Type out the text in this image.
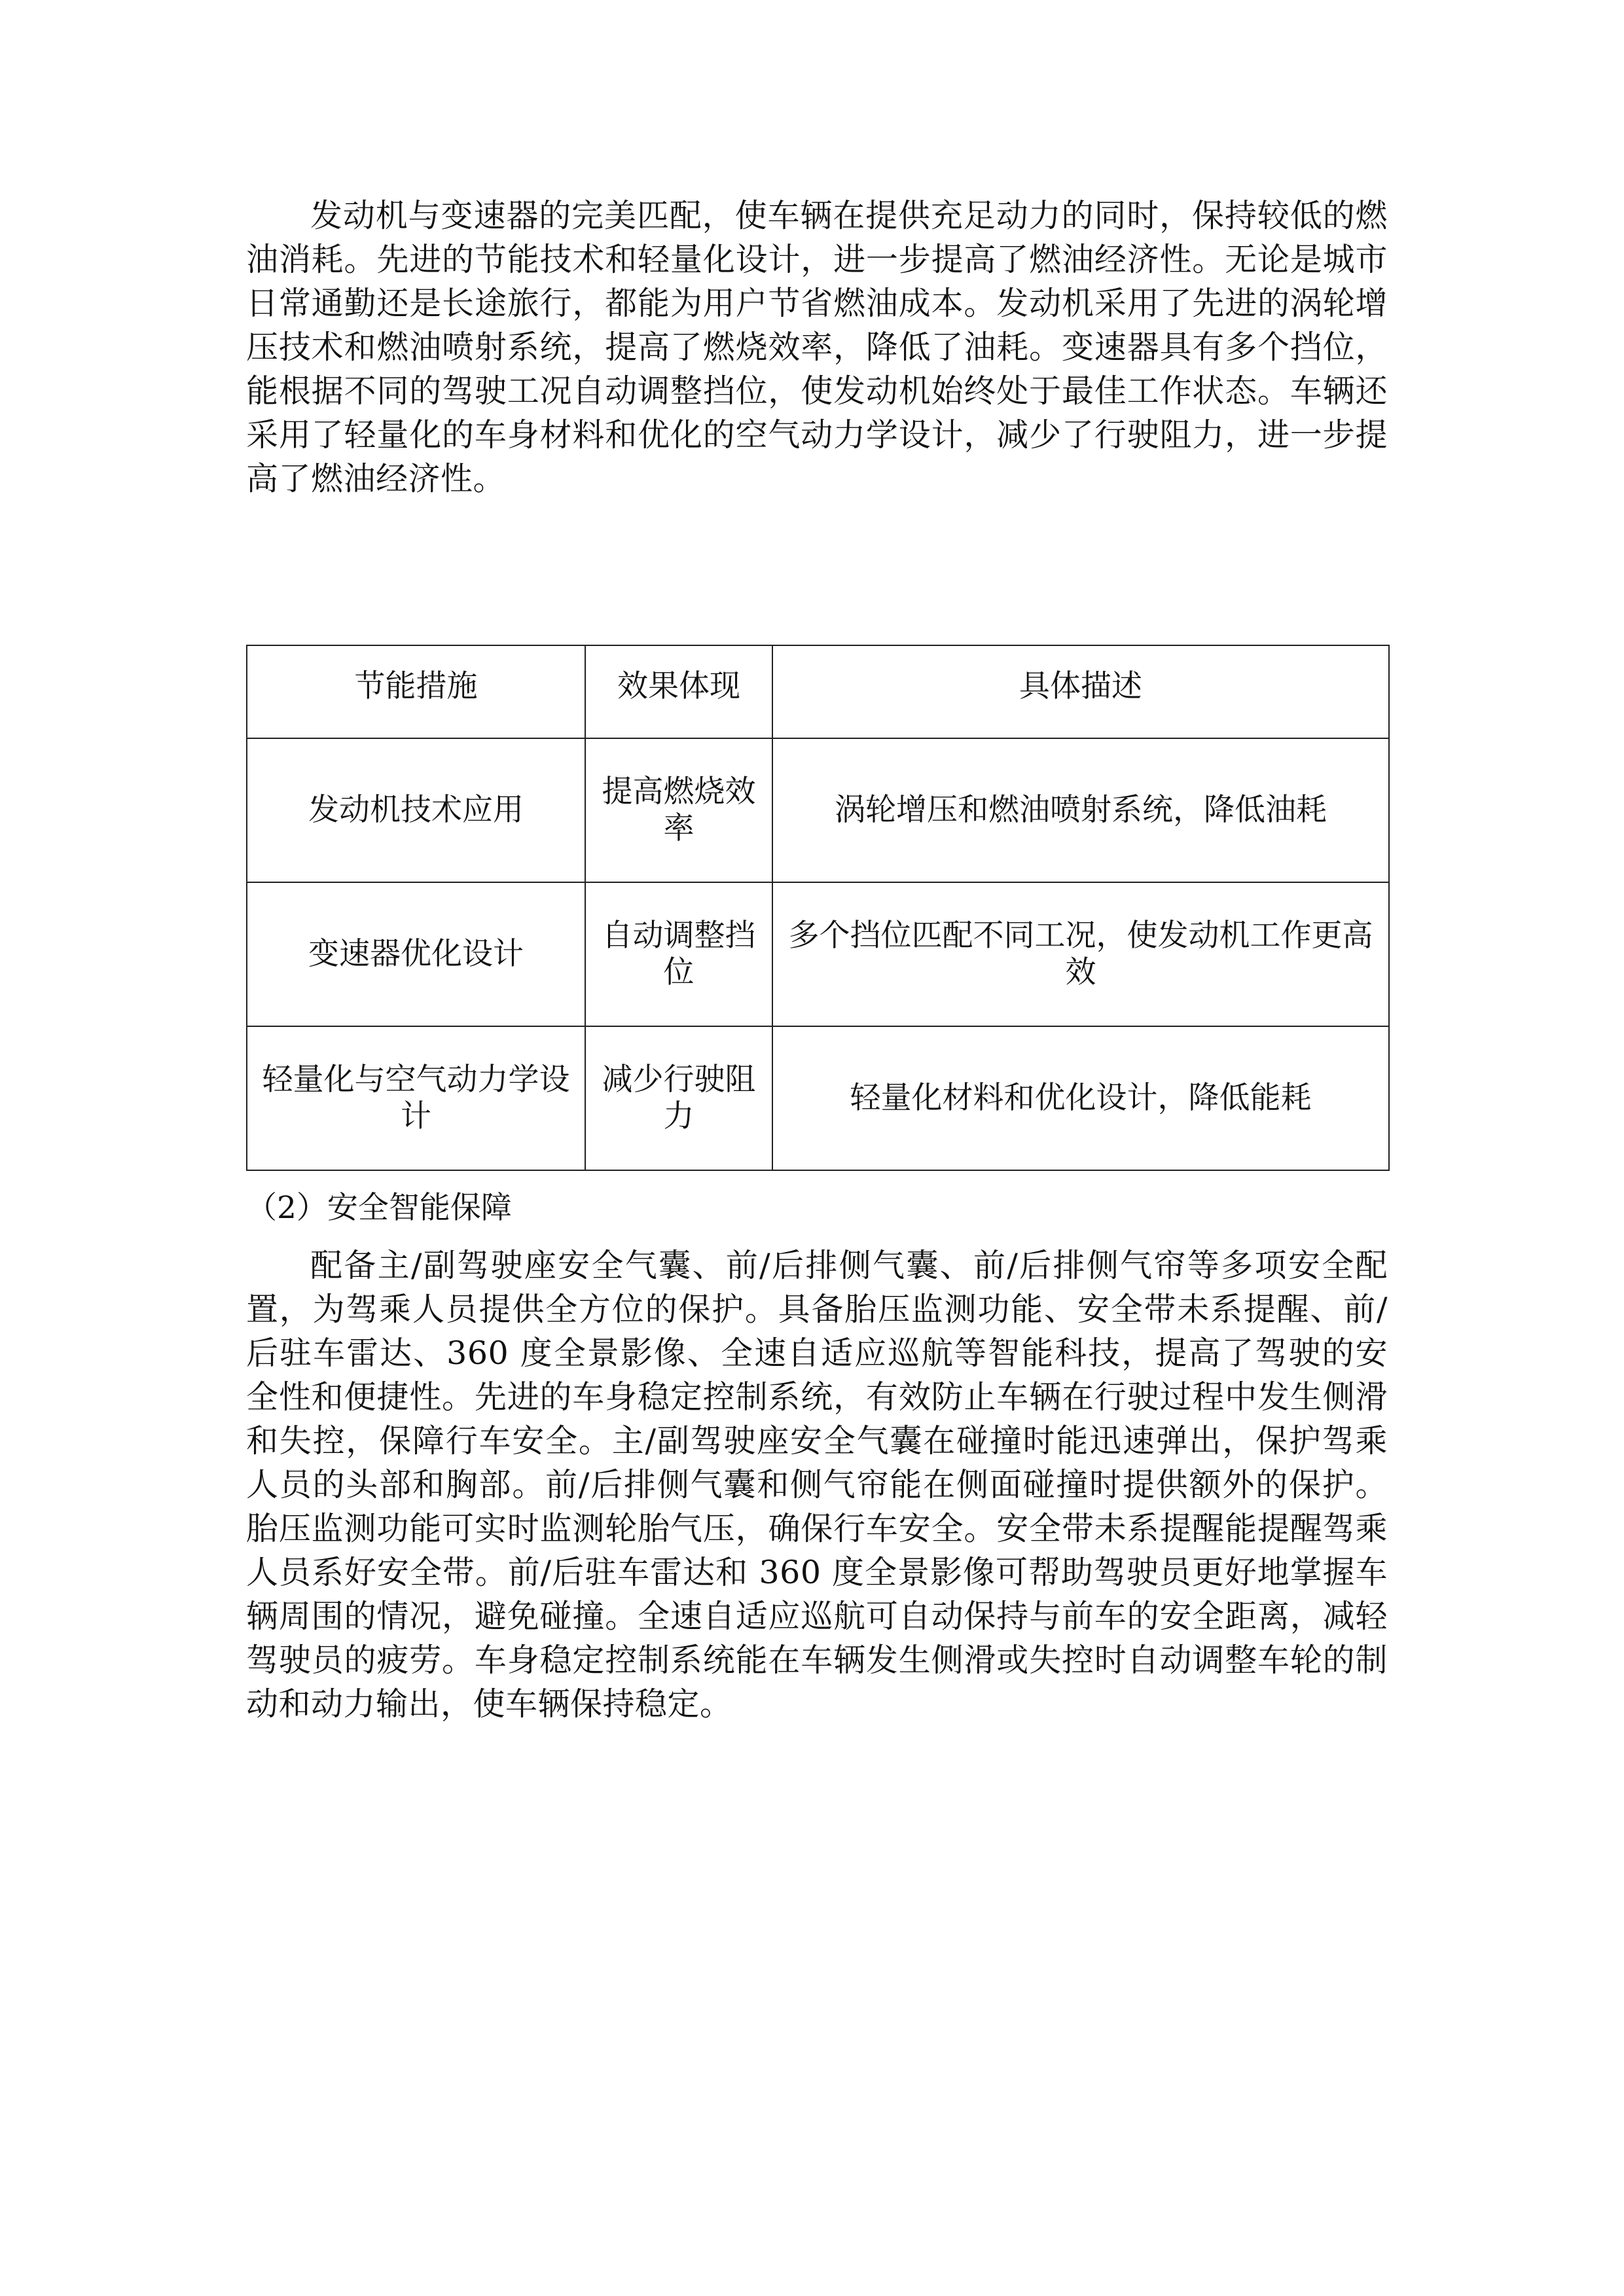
发动机与变速器的完美匹配，使车辆在提供充足动力的同时，保持较低的燃油消耗。先进的节能技术和轻量化设计，进一步提高了燃油经济性。无论是城市日常通勤还是长途旅行，都能为用户节省燃油成本。发动机采用了先进的涡轮增压技术和燃油喷射系统，提高了燃烧效率，降低了油耗。变速器具有多个挡位，能根据不同的驾驶工况自动调整挡位，使发动机始终处于最佳工作状态。车辆还采用了轻量化的车身材料和优化的空气动力学设计，减少了行驶阻力，进一步提高了燃油经济性。

节能措施	效果体现	具体描述
发动机技术应用	提高燃烧效率	涡轮增压和燃油喷射系统，降低油耗
变速器优化设计	自动调整挡位	多个挡位匹配不同工况，使发动机工作更高效
轻量化与空气动力学设计	减少行驶阻力	轻量化材料和优化设计，降低能耗

（2）安全智能保障

配备主/副驾驶座安全气囊、前/后排侧气囊、前/后排侧气帘等多项安全配置，为驾乘人员提供全方位的保护。具备胎压监测功能、安全带未系提醒、前/后驻车雷达、360 度全景影像、全速自适应巡航等智能科技，提高了驾驶的安全性和便捷性。先进的车身稳定控制系统，有效防止车辆在行驶过程中发生侧滑和失控，保障行车安全。主/副驾驶座安全气囊在碰撞时能迅速弹出，保护驾乘人员的头部和胸部。前/后排侧气囊和侧气帘能在侧面碰撞时提供额外的保护。胎压监测功能可实时监测轮胎气压，确保行车安全。安全带未系提醒能提醒驾乘人员系好安全带。前/后驻车雷达和 360 度全景影像可帮助驾驶员更好地掌握车辆周围的情况，避免碰撞。全速自适应巡航可自动保持与前车的安全距离，减轻驾驶员的疲劳。车身稳定控制系统能在车辆发生侧滑或失控时自动调整车轮的制动和动力输出，使车辆保持稳定。
